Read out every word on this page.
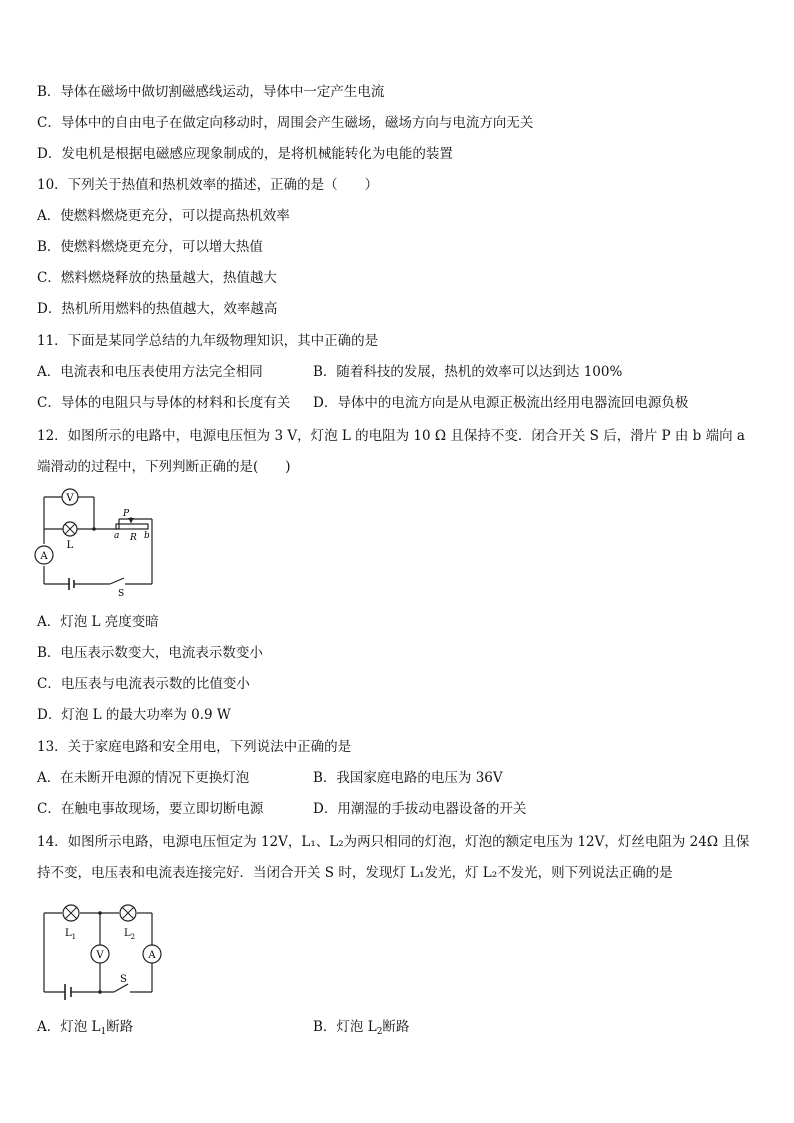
B．导体在磁场中做切割磁感线运动，导体中一定产生电流
C．导体中的自由电子在做定向移动时，周围会产生磁场，磁场方向与电流方向无关
D．发电机是根据电磁感应现象制成的，是将机械能转化为电能的装置
10．下列关于热值和热机效率的描述，正确的是（　　）
A．使燃料燃烧更充分，可以提高热机效率
B．使燃料燃烧更充分，可以增大热值
C．燃料燃烧释放的热量越大，热值越大
D．热机所用燃料的热值越大，效率越高
11．下面是某同学总结的九年级物理知识，其中正确的是
A．电流表和电压表使用方法完全相同	B．随着科技的发展，热机的效率可以达到达 100%
C．导体的电阻只与导体的材料和长度有关 D．导体中的电流方向是从电源正极流出经用电器流回电源负极
12．如图所示的电路中，电源电压恒为 3 V，灯泡 L 的电阻为 10 Ω 且保持不变．闭合开关 S 后，滑片 P 由 b 端向 a 端滑动的过程中，下列判断正确的是(　　)
V
L
A
P
a R b
S
A．灯泡 L 亮度变暗
B．电压表示数变大，电流表示数变小
C．电压表与电流表示数的比值变小
D．灯泡 L 的最大功率为 0.9 W
13．关于家庭电路和安全用电，下列说法中正确的是
A．在未断开电源的情况下更换灯泡	B．我国家庭电路的电压为 36V
C．在触电事故现场，要立即切断电源	D．用潮湿的手拔动电器设备的开关
14．如图所示电路，电源电压恒定为 12V，L₁、L₂为两只相同的灯泡，灯泡的额定电压为 12V，灯丝电阻为 24Ω 且保持不变，电压表和电流表连接完好．当闭合开关 S 时，发现灯 L₁发光，灯 L₂不发光，则下列说法正确的是
V	A
$L_1$	$L_2$
S
A．灯泡 $L_1$断路	B．灯泡 $L_2$断路
